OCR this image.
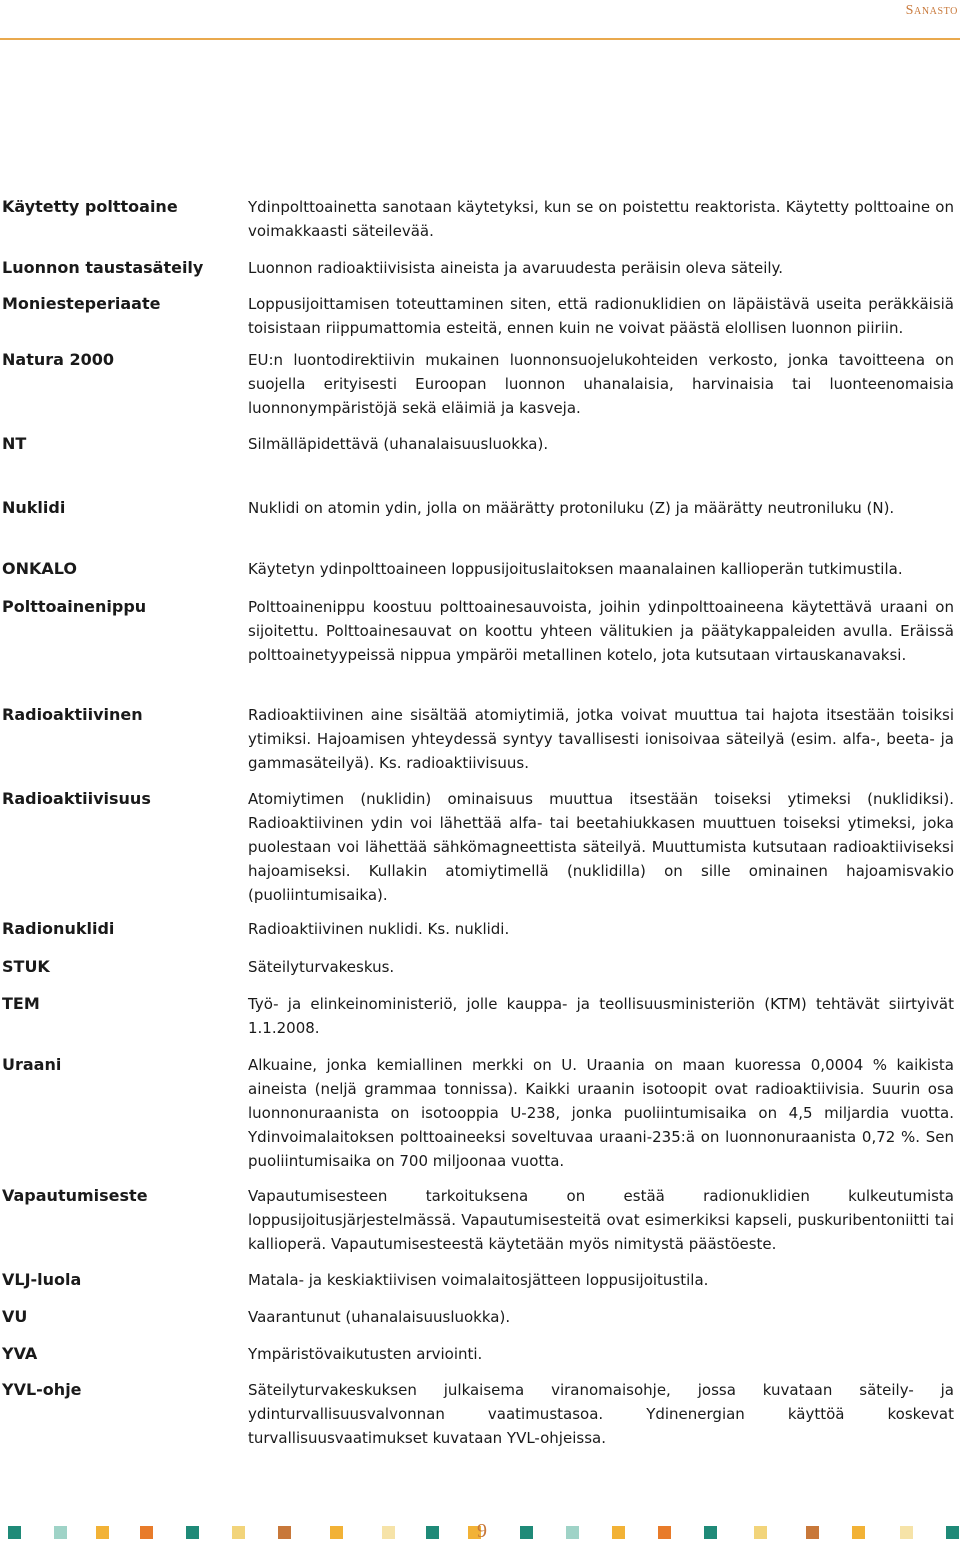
Sanasto
Käytetty polttoaine	Ydinpolttoainetta sanotaan käytetyksi, kun se on poistettu reaktorista. Käytetty polttoaine on voimakkaasti säteilevää.
Luonnon taustasäteily	Luonnon radioaktiivisista aineista ja avaruudesta peräisin oleva säteily.
Moniesteperiaate	Loppusijoittamisen toteuttaminen siten, että radionuklidien on läpäistävä useita peräkkäisiä toisistaan riippumattomia esteitä, ennen kuin ne voivat päästä elollisen luonnon piiriin.
Natura 2000	EU:n luontodirektiivin mukainen luonnonsuojelukohteiden verkosto, jonka tavoitteena on suojella erityisesti Euroopan luonnon uhanalaisia, harvinaisia tai luonteenomaisia luonnonympäristöjä sekä eläimiä ja kasveja.
NT	Silmälläpidettävä (uhanalaisuusluokka).
Nuklidi	Nuklidi on atomin ydin, jolla on määrätty protoniluku (Z) ja määrätty neutroniluku (N).
ONKALO	Käytetyn ydinpolttoaineen loppusijoituslaitoksen maanalainen kallioperän tutkimustila.
Polttoainenippu	Polttoainenippu koostuu polttoainesauvoista, joihin ydinpolttoaineena käytettävä uraani on sijoitettu. Polttoainesauvat on koottu yhteen välitukien ja päätykappaleiden avulla. Eräissä polttoainetyypeissä nippua ympäröi metallinen kotelo, jota kutsutaan virtauskanavaksi.
Radioaktiivinen	Radioaktiivinen aine sisältää atomiytimiä, jotka voivat muuttua tai hajota itsestään toisiksi ytimiksi. Hajoamisen yhteydessä syntyy tavallisesti ionisoivaa säteilyä (esim. alfa-, beeta- ja gammasäteilyä). Ks. radioaktiivisuus.
Radioaktiivisuus	Atomiytimen (nuklidin) ominaisuus muuttua itsestään toiseksi ytimeksi (nuklidiksi). Radioaktiivinen ydin voi lähettää alfa- tai beetahiukkasen muuttuen toiseksi ytimeksi, joka puolestaan voi lähettää sähkömagneettista säteilyä. Muuttumista kutsutaan radioaktiiviseksi hajoamiseksi. Kullakin atomiytimellä (nuklidilla) on sille ominainen hajoamisvakio (puoliintumisaika).
Radionuklidi	Radioaktiivinen nuklidi. Ks. nuklidi.
STUK	Säteilyturvakeskus.
TEM	Työ- ja elinkeinoministeriö, jolle kauppa- ja teollisuusministeriön (KTM) tehtävät siirtyivät 1.1.2008.
Uraani	Alkuaine, jonka kemiallinen merkki on U. Uraania on maan kuoressa 0,0004 % kaikista aineista (neljä grammaa tonnissa). Kaikki uraanin isotoopit ovat radioaktiivisia. Suurin osa luonnonuraanista on isotooppia U-238, jonka puoliintumisaika on 4,5 miljardia vuotta. Ydinvoimalaitoksen polttoaineeksi soveltuvaa uraani-235:ä on luonnonuraanista 0,72 %. Sen puoliintumisaika on 700 miljoonaa vuotta.
Vapautumiseste	Vapautumisesteen tarkoituksena on estää radionuklidien kulkeutumista loppusijoitusjärjestelmässä. Vapautumisesteitä ovat esimerkiksi kapseli, puskuribentoniitti tai kallioperä. Vapautumisesteestä käytetään myös nimitystä päästöeste.
VLJ-luola	Matala- ja keskiaktiivisen voimalaitosjätteen loppusijoitustila.
VU	Vaarantunut (uhanalaisuusluokka).
YVA	Ympäristövaikutusten arviointi.
YVL-ohje	Säteilyturvakeskuksen julkaisema viranomaisohje, jossa kuvataan säteily- ja ydinturvallisuusvalvonnan vaatimustasoa. Ydinenergian käyttöä koskevat turvallisuusvaatimukset kuvataan YVL-ohjeissa.
9
